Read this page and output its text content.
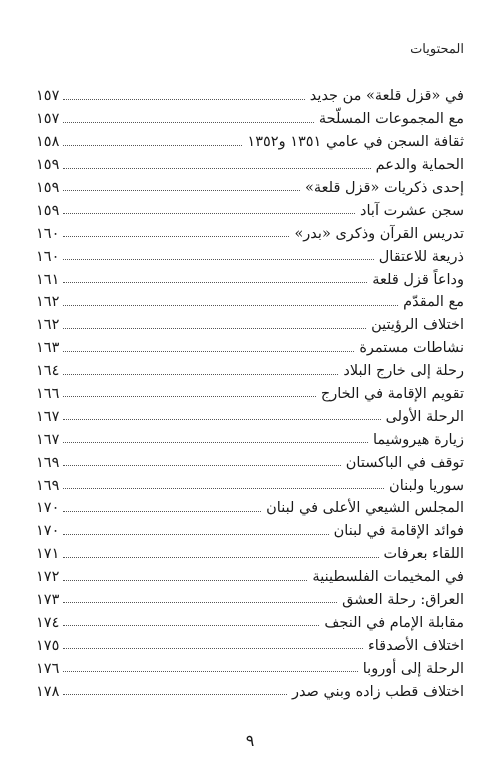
المحتويات
في «قزل قلعة» من جديد
١٥٧
مع المجموعات المسلّحة
١٥٧
ثقافة السجن في عامي ١٣٥١ و١٣٥٢
١٥٨
الحماية والدعم
١٥٩
إحدى ذكريات «قزل قلعة»
١٥٩
سجن عشرت آباد
١٥٩
تدريس القرآن وذكرى «بدر»
١٦٠
ذريعة للاعتقال
١٦٠
وداعاً قزل قلعة
١٦١
مع المقدّم
١٦٢
اختلاف الرؤيتين
١٦٢
نشاطات مستمرة
١٦٣
رحلة إلى خارج البلاد
١٦٤
تقويم الإقامة في الخارج
١٦٦
الرحلة الأولى
١٦٧
زيارة هيروشيما
١٦٧
توقف في الباكستان
١٦٩
سوريا ولبنان
١٦٩
المجلس الشيعي الأعلى في لبنان
١٧٠
فوائد الإقامة في لبنان
١٧٠
اللقاء بعرفات
١٧١
في المخيمات الفلسطينية
١٧٢
العراق: رحلة العشق
١٧٣
مقابلة الإمام في النجف
١٧٤
اختلاف الأصدقاء
١٧٥
الرحلة إلى أوروبا
١٧٦
اختلاف قطب زاده وبني صدر
١٧٨
٩
